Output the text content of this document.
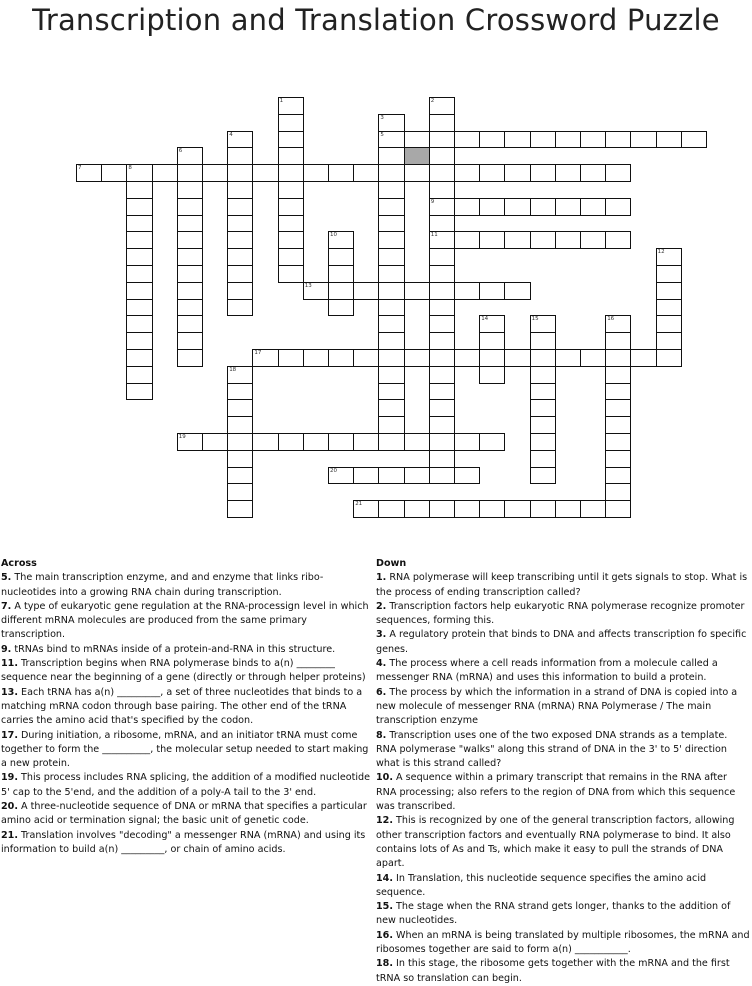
Transcription and Translation Crossword Puzzle
1	2
9
11
3
5
4
6
7	8
10
12
13
14	15	16
17
18
19
20
21
Across

5. The main transcription enzyme, and and enzyme that links ribo-nucleotides into a growing RNA chain during transcription.

7. A type of eukaryotic gene regulation at the RNA-processign level in which different mRNA molecules are produced from the same primary transcription.

9. tRNAs bind to mRNAs inside of a protein-and-RNA in this structure.

11. Transcription begins when RNA polymerase binds to a(n) ________ sequence near the beginning of a gene (directly or through helper proteins)

13. Each tRNA has a(n) _________, a set of three nucleotides that binds to a matching mRNA codon through base pairing. The other end of the tRNA carries the amino acid that's specified by the codon.

17. During initiation, a ribosome, mRNA, and an initiator tRNA must come together to form the __________, the molecular setup needed to start making a new protein.

19. This process includes RNA splicing, the addition of a modified nucleotide 5' cap to the 5'end, and the addition of a poly-A tail to the 3' end.

20. A three-nucleotide sequence of DNA or mRNA that specifies a particular amino acid or termination signal; the basic unit of genetic code.

21. Translation involves "decoding" a messenger RNA (mRNA) and using its information to build a(n) _________, or chain of amino acids.

Down

1. RNA polymerase will keep transcribing until it gets signals to stop. What is the process of ending transcription called?

2. Transcription factors help eukaryotic RNA polymerase recognize promoter sequences, forming this.

3. A regulatory protein that binds to DNA and affects transcription fo specific genes.

4. The process where a cell reads information from a molecule called a messenger RNA (mRNA) and uses this information to build a protein.

6. The process by which the information in a strand of DNA is copied into a new molecule of messenger RNA (mRNA) RNA Polymerase / The main transcription enzyme

8. Transcription uses one of the two exposed DNA strands as a template. RNA polymerase "walks" along this strand of DNA in the 3' to 5' direction what is this strand called?

10. A sequence within a primary transcript that remains in the RNA after RNA processing; also refers to the region of DNA from which this sequence was transcribed.

12. This is recognized by one of the general transcription factors, allowing other transcription factors and eventually RNA polymerase to bind. It also contains lots of As and Ts, which make it easy to pull the strands of DNA apart.

14. In Translation, this nucleotide sequence specifies the amino acid sequence.

15. The stage when the RNA strand gets longer, thanks to the addition of new nucleotides.

16. When an mRNA is being translated by multiple ribosomes, the mRNA and ribosomes together are said to form a(n) ___________.

18. In this stage, the ribosome gets together with the mRNA and the first tRNA so translation can begin.
